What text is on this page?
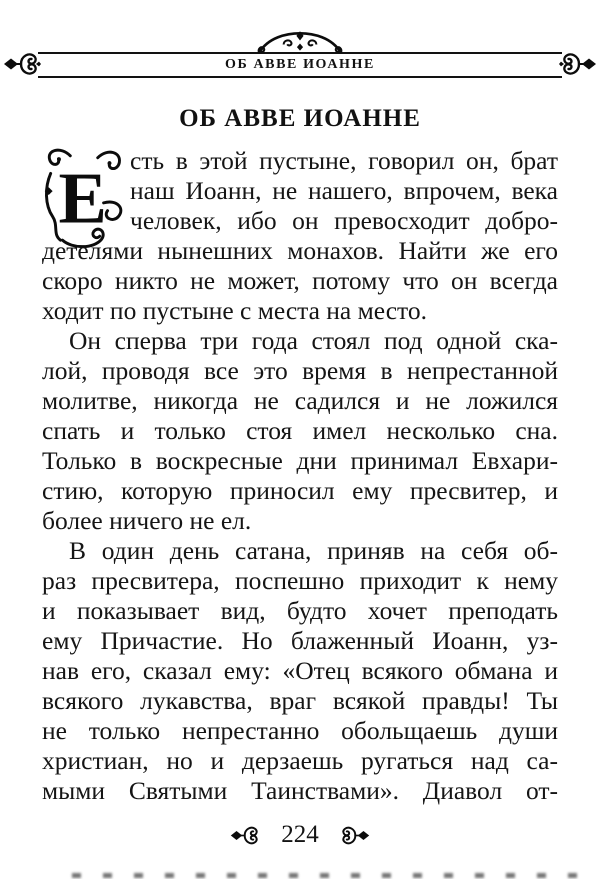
ОБ АВВЕ ИОАННЕ
ОБ АВВЕ ИОАННЕ
Е сть в этой пустыне, говорил он, брат
наш Иоанн, не нашего, впрочем, века
человек, ибо он превосходит добро-
детелями нынешних монахов. Найти же его
скоро никто не может, потому что он всегда
ходит по пустыне с места на место.
Он сперва три года стоял под одной ска-
лой, проводя все это время в непрестанной
молитве, никогда не садился и не ложился
спать и только стоя имел несколько сна.
Только в воскресные дни принимал Евхари-
стию, которую приносил ему пресвитер, и
более ничего не ел.
В один день сатана, приняв на себя об-
раз пресвитера, поспешно приходит к нему
и показывает вид, будто хочет преподать
ему Причастие. Но блаженный Иоанн, уз-
нав его, сказал ему: «Отец всякого обмана и
всякого лукавства, враг всякой правды! Ты
не только непрестанно обольщаешь души
христиан, но и дерзаешь ругаться над са-
мыми Святыми Таинствами». Диавол от-
224
